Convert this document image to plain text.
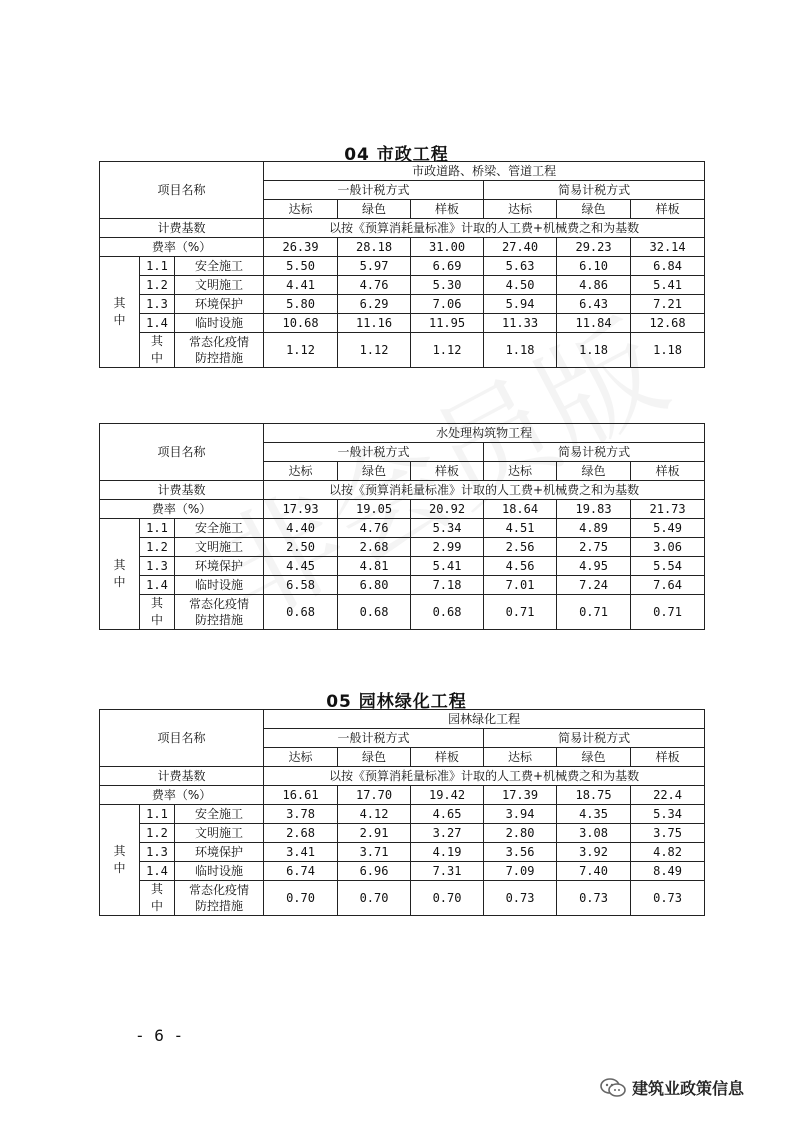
04 市政工程
项目名称			市政道路、桥梁、管道工程					
			一般计税方式			简易计税方式		
			达标	绿色	样板	达标	绿色	样板
计费基数			以按《预算消耗量标准》计取的人工费+机械费之和为基数					
费率（%）			26.39	28.18	31.00	27.40	29.23	32.14
其中	1.1	安全施工	5.50	5.97	6.69	5.63	6.10	6.84
	1.2	文明施工	4.41	4.76	5.30	4.50	4.86	5.41
	1.3	环境保护	5.80	6.29	7.06	5.94	6.43	7.21
	1.4	临时设施	10.68	11.16	11.95	11.33	11.84	12.68
	其中	常态化疫情防控措施	1.12	1.12	1.12	1.18	1.18	1.18
项目名称			水处理构筑物工程					
			一般计税方式			简易计税方式		
			达标	绿色	样板	达标	绿色	样板
计费基数			以按《预算消耗量标准》计取的人工费+机械费之和为基数					
费率（%）			17.93	19.05	20.92	18.64	19.83	21.73
其中	1.1	安全施工	4.40	4.76	5.34	4.51	4.89	5.49
	1.2	文明施工	2.50	2.68	2.99	2.56	2.75	3.06
	1.3	环境保护	4.45	4.81	5.41	4.56	4.95	5.54
	1.4	临时设施	6.58	6.80	7.18	7.01	7.24	7.64
	其中	常态化疫情防控措施	0.68	0.68	0.68	0.71	0.71	0.71
05 园林绿化工程
项目名称			园林绿化工程					
			一般计税方式			简易计税方式		
			达标	绿色	样板	达标	绿色	样板
计费基数			以按《预算消耗量标准》计取的人工费+机械费之和为基数					
费率（%）			16.61	17.70	19.42	17.39	18.75	22.4
其中	1.1	安全施工	3.78	4.12	4.65	3.94	4.35	5.34
	1.2	文明施工	2.68	2.91	3.27	2.80	3.08	3.75
	1.3	环境保护	3.41	3.71	4.19	3.56	3.92	4.82
	1.4	临时设施	6.74	6.96	7.31	7.09	7.40	8.49
	其中	常态化疫情防控措施	0.70	0.70	0.70	0.73	0.73	0.73
- 6 -
建筑业政策信息
